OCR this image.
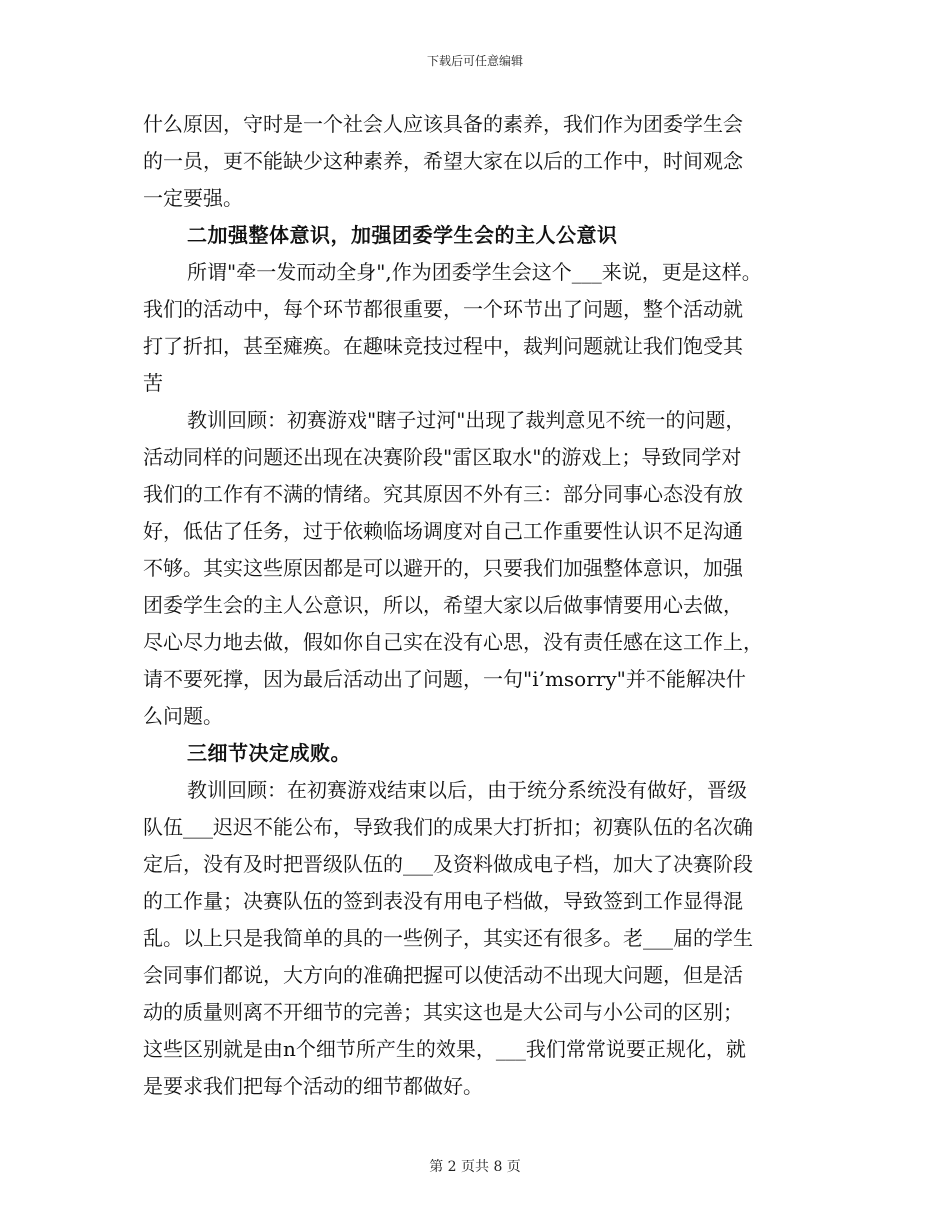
下载后可任意编辑
什么原因，守时是一个社会人应该具备的素养，我们作为团委学生会
的一员，更不能缺少这种素养，希望大家在以后的工作中，时间观念
一定要强。
二加强整体意识，加强团委学生会的主人公意识
所谓"牵一发而动全身",作为团委学生会这个___来说，更是这样。
我们的活动中，每个环节都很重要，一个环节出了问题，整个活动就
打了折扣，甚至瘫痪。在趣味竞技过程中，裁判问题就让我们饱受其
苦
教训回顾：初赛游戏"瞎子过河"出现了裁判意见不统一的问题，
活动同样的问题还出现在决赛阶段"雷区取水"的游戏上；导致同学对
我们的工作有不满的情绪。究其原因不外有三：部分同事心态没有放
好，低估了任务，过于依赖临场调度对自己工作重要性认识不足沟通
不够。其实这些原因都是可以避开的，只要我们加强整体意识，加强
团委学生会的主人公意识，所以，希望大家以后做事情要用心去做，
尽心尽力地去做，假如你自己实在没有心思，没有责任感在这工作上，
请不要死撑，因为最后活动出了问题，一句"i’msorry"并不能解决什
么问题。
三细节决定成败。
教训回顾：在初赛游戏结束以后，由于统分系统没有做好，晋级
队伍___迟迟不能公布，导致我们的成果大打折扣；初赛队伍的名次确
定后，没有及时把晋级队伍的___及资料做成电子档，加大了决赛阶段
的工作量；决赛队伍的签到表没有用电子档做，导致签到工作显得混
乱。以上只是我简单的具的一些例子，其实还有很多。老___届的学生
会同事们都说，大方向的准确把握可以使活动不出现大问题，但是活
动的质量则离不开细节的完善；其实这也是大公司与小公司的区别；
这些区别就是由n个细节所产生的效果，___我们常常说要正规化，就
是要求我们把每个活动的细节都做好。
第 2 页共 8 页
